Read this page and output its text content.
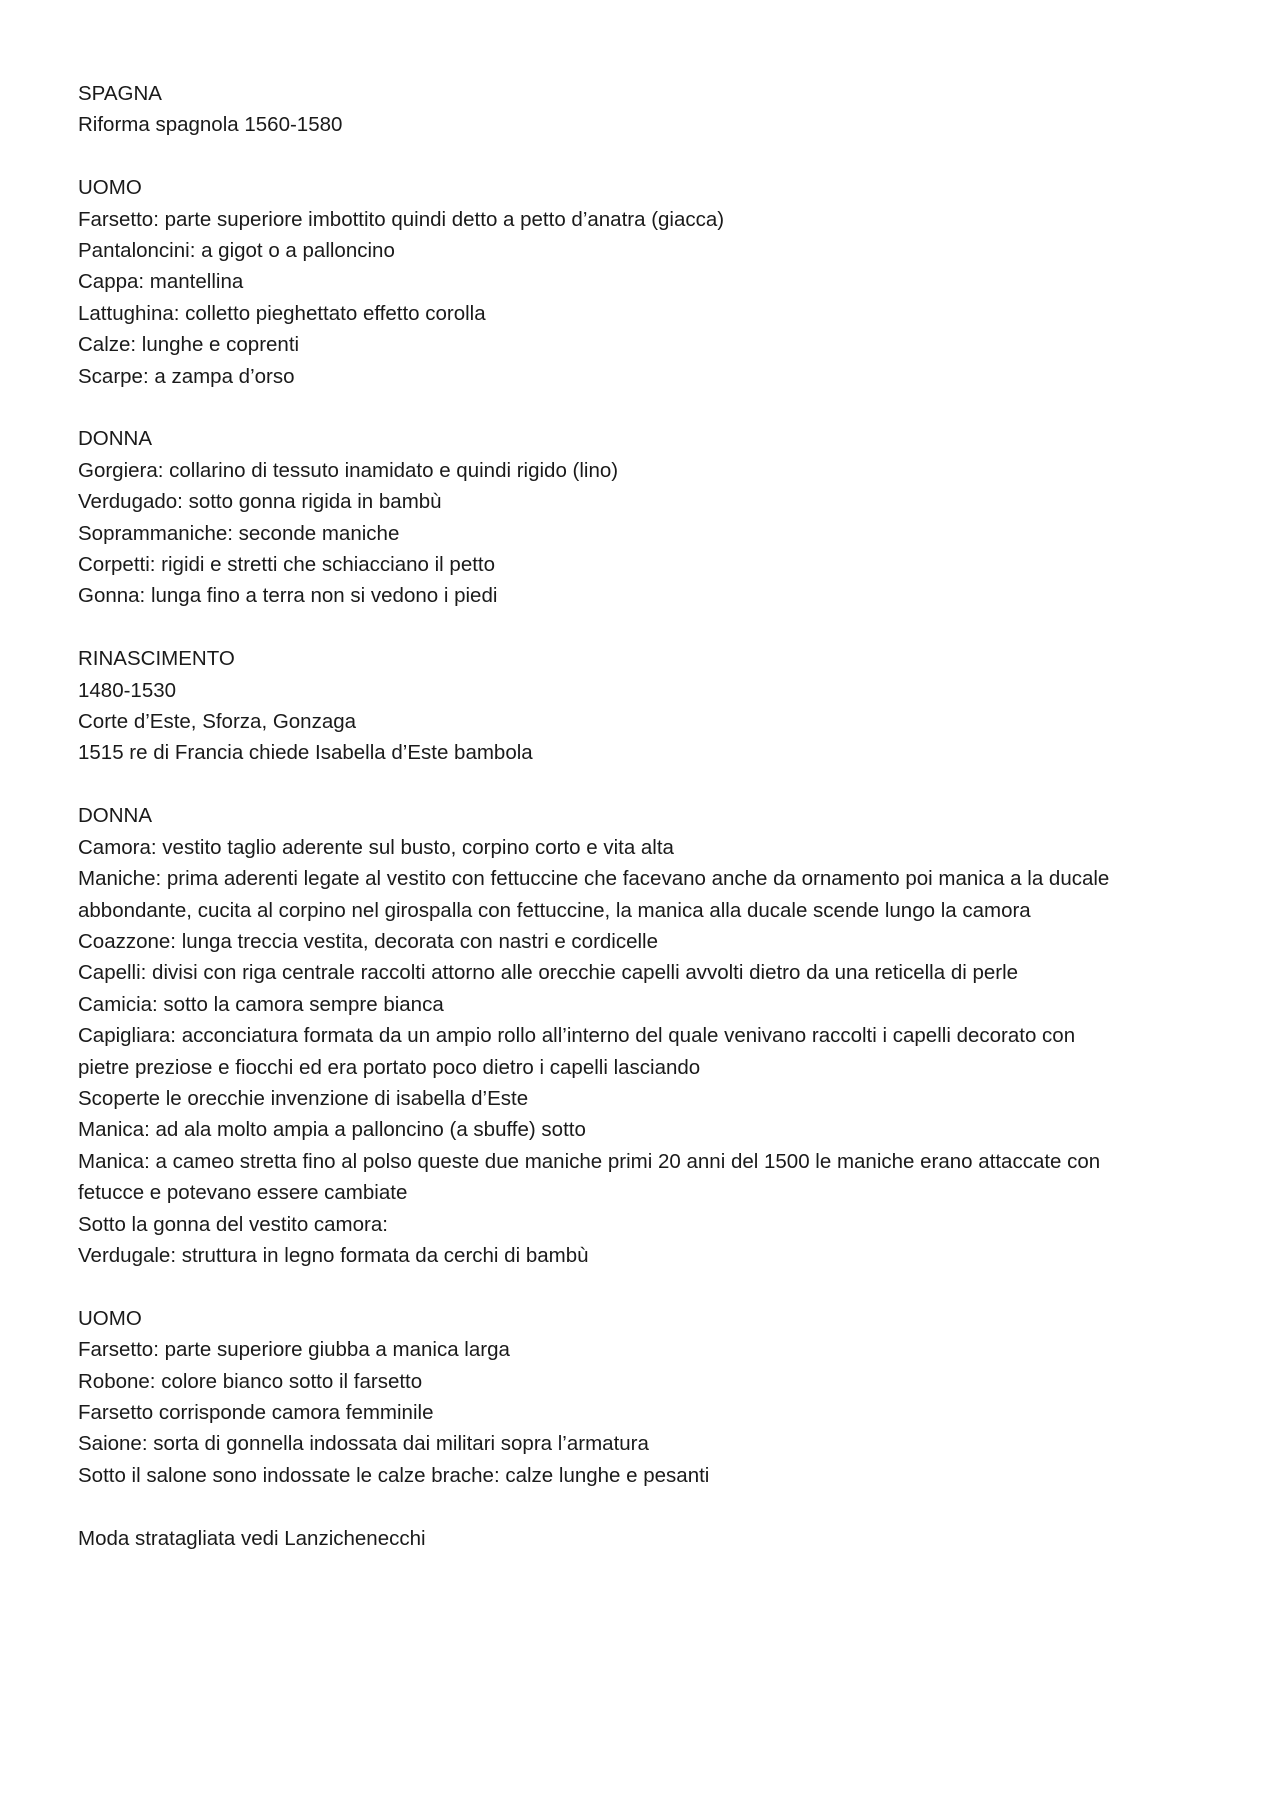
SPAGNA
Riforma spagnola 1560-1580
UOMO
Farsetto: parte superiore imbottito quindi detto a petto d’anatra (giacca)
Pantaloncini: a gigot o a palloncino
Cappa: mantellina
Lattughina: colletto pieghettato effetto corolla
Calze: lunghe e coprenti
Scarpe: a zampa d’orso
DONNA
Gorgiera: collarino di tessuto inamidato e quindi rigido (lino)
Verdugado: sotto gonna rigida in bambù
Soprammaniche: seconde maniche
Corpetti: rigidi e stretti che schiacciano il petto
Gonna: lunga fino a terra non si vedono i piedi
RINASCIMENTO
1480-1530
Corte d’Este, Sforza, Gonzaga
1515 re di Francia chiede Isabella d’Este bambola
DONNA
Camora: vestito taglio aderente sul busto, corpino corto e vita alta
Maniche: prima aderenti legate al vestito con fettuccine che facevano anche da ornamento poi manica a la ducale
abbondante, cucita al corpino nel girospalla con fettuccine, la manica alla ducale scende lungo la camora
Coazzone: lunga treccia vestita, decorata con nastri e cordicelle
Capelli: divisi con riga centrale raccolti attorno alle orecchie capelli avvolti dietro da una reticella di perle
Camicia: sotto la camora sempre bianca
Capigliara: acconciatura formata da un ampio rollo all’interno del quale venivano raccolti i capelli decorato con
pietre preziose e fiocchi ed era portato poco dietro i capelli lasciando
Scoperte le orecchie invenzione di isabella d’Este
Manica: ad ala molto ampia a palloncino (a sbuffe) sotto
Manica: a cameo stretta fino al polso queste due maniche primi 20 anni del 1500 le maniche erano attaccate con
fetucce e potevano essere cambiate
Sotto la gonna del vestito camora:
Verdugale: struttura in legno formata da cerchi di bambù
UOMO
Farsetto: parte superiore giubba a manica larga
Robone: colore bianco sotto il farsetto
Farsetto corrisponde camora femminile
Saione: sorta di gonnella indossata dai militari sopra l’armatura
Sotto il salone sono indossate le calze brache: calze lunghe e pesanti
Moda stratagliata vedi Lanzichenecchi
